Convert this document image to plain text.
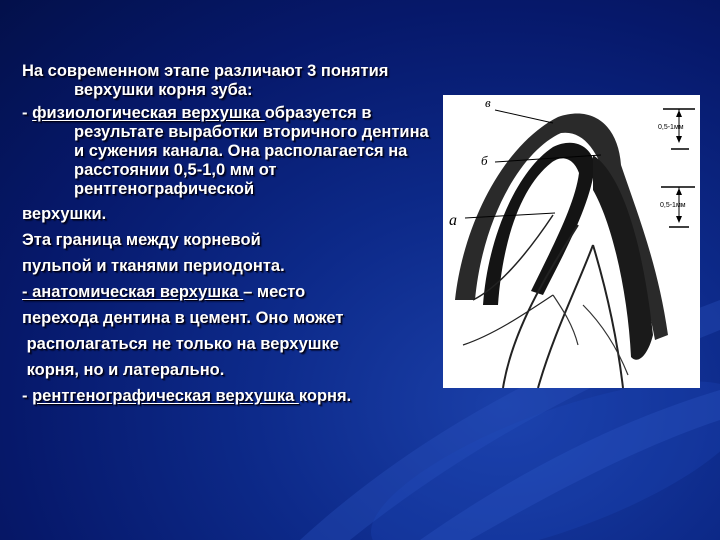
На современном этапе различают 3 понятия верхушки корня зуба:

- физиологическая верхушка образуется в результате выработки вторичного дентина и сужения канала. Она располагается на расстоянии 0,5-1,0 мм от рентгенографической

верхушки.

Эта граница между корневой

пульпой и тканями периодонта.

- анатомическая верхушка – место

перехода дентина в цемент. Оно может

располагаться не только на верхушке

корня, но и латерально.

- рентгенографическая верхушка корня.

в
б
а
0,5-1мм
0,5-1мм
